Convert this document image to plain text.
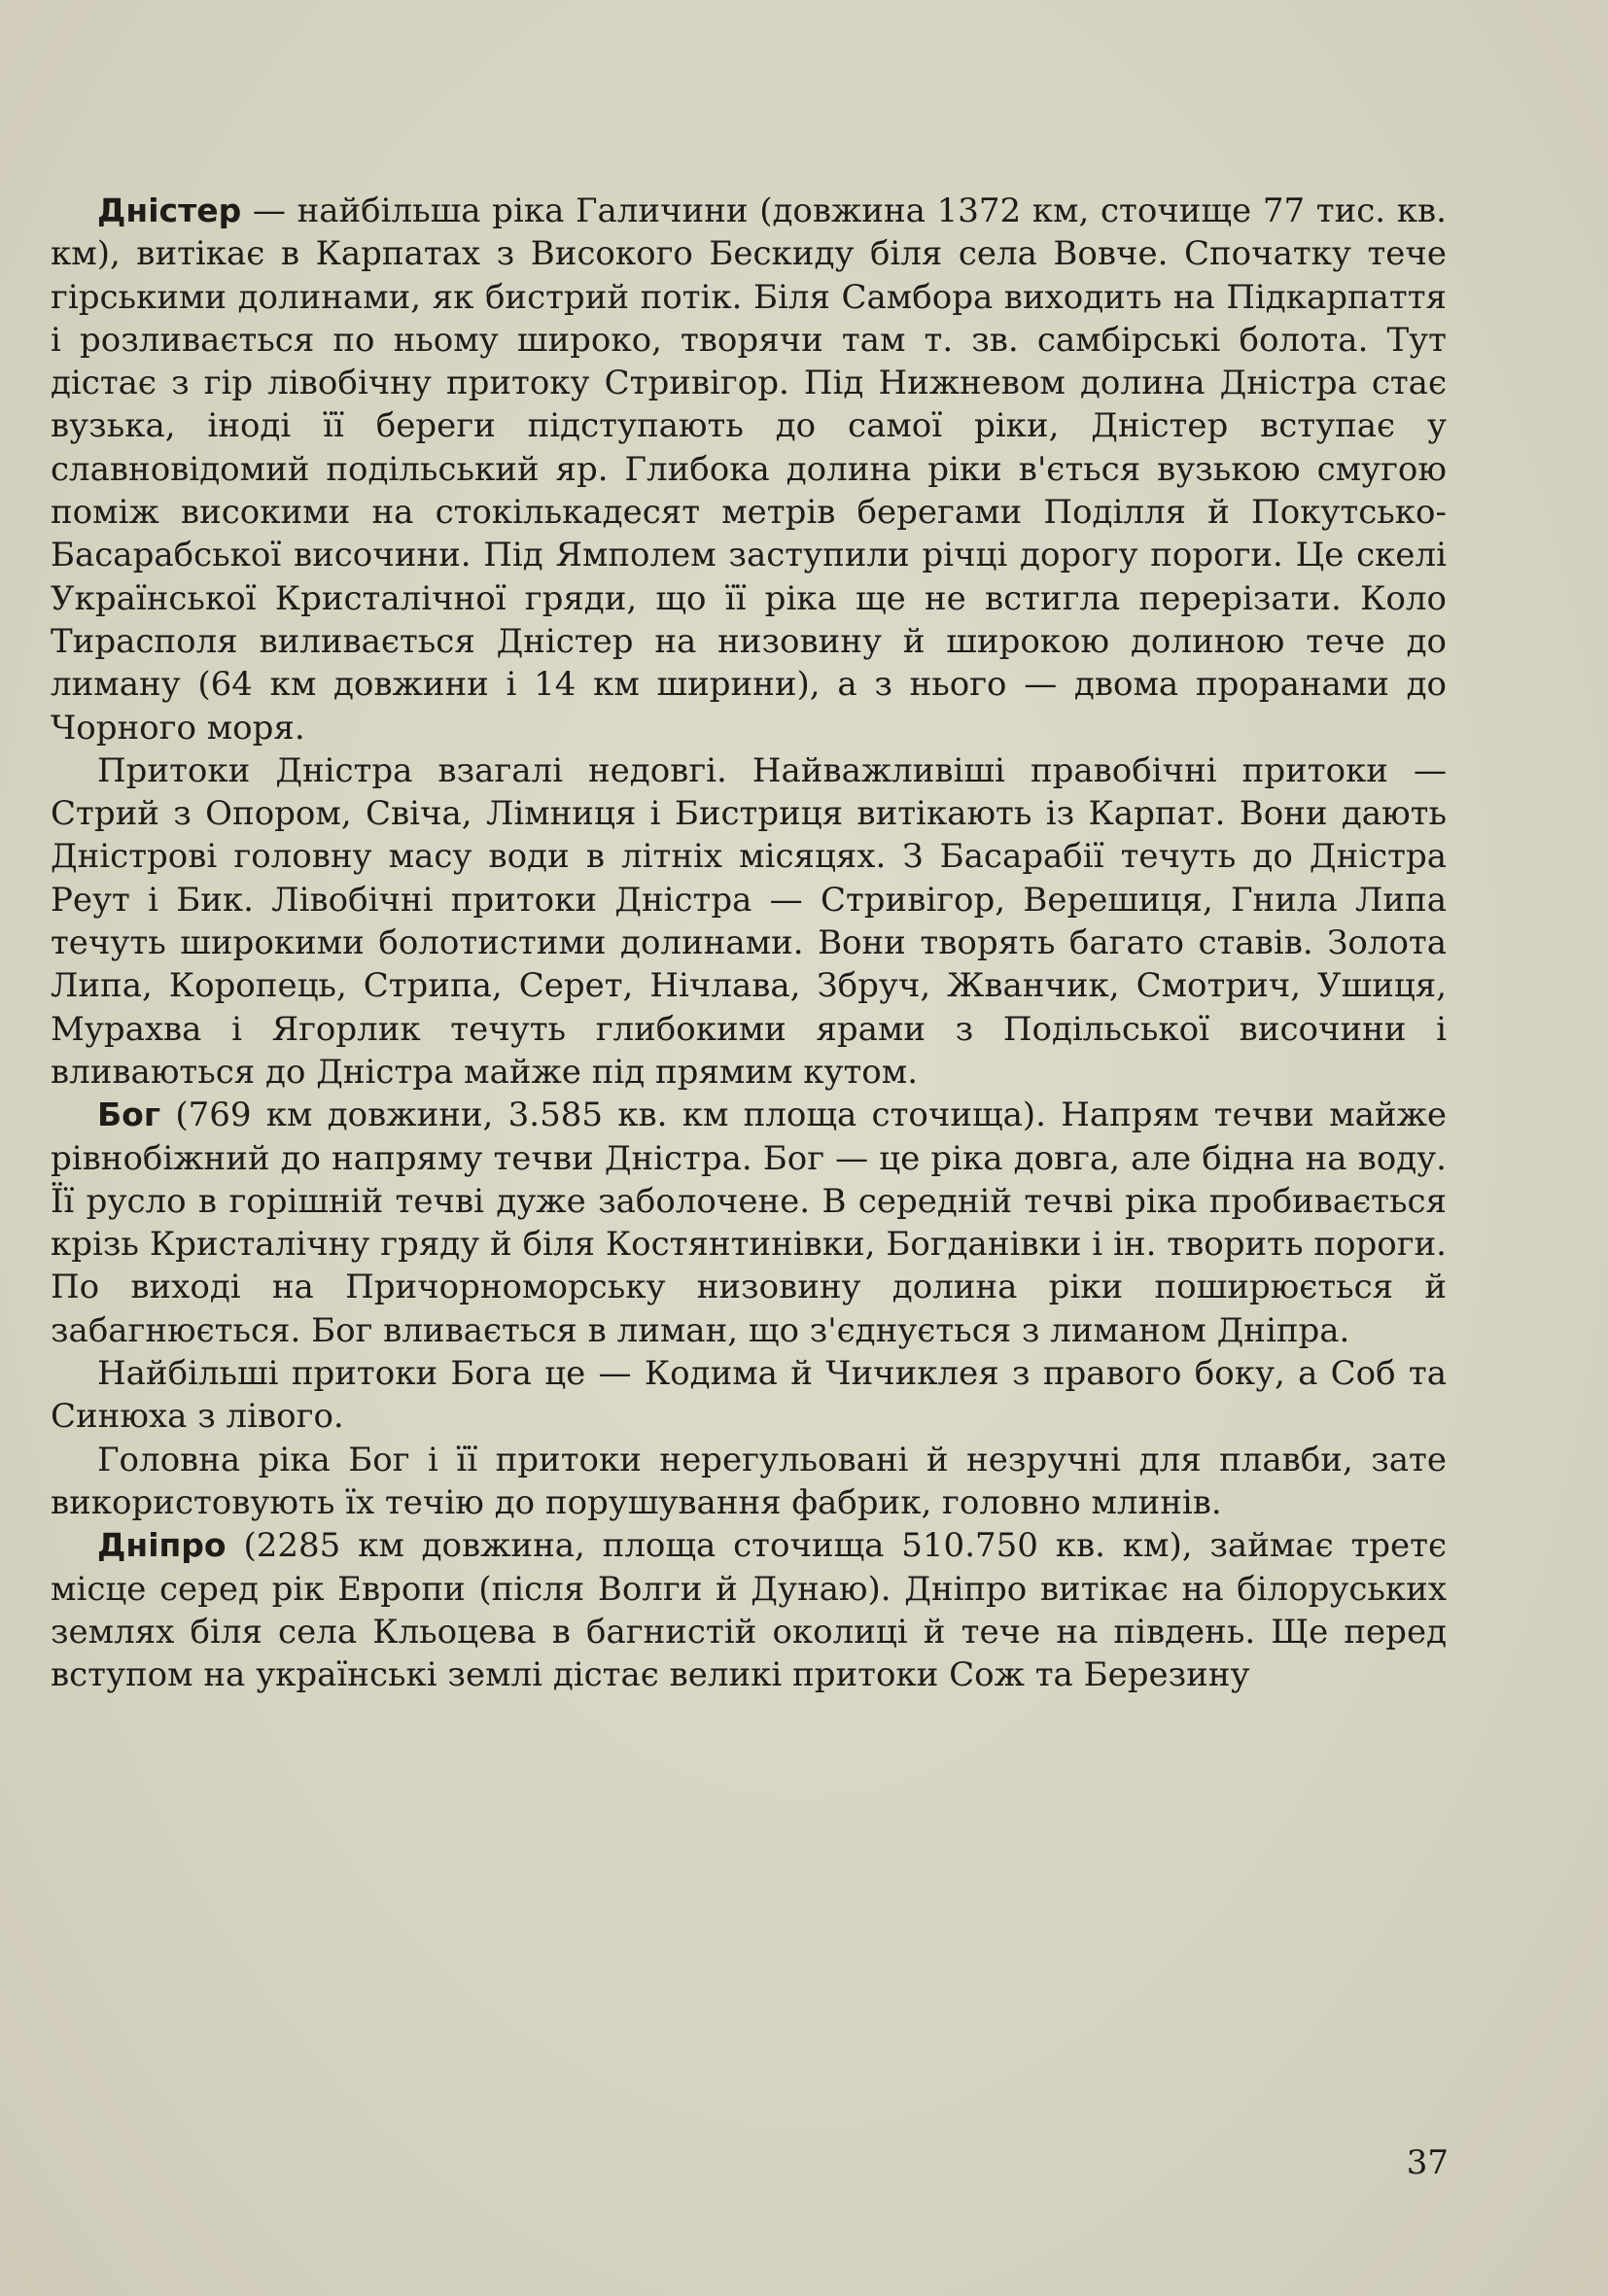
Дністер — найбільша ріка Галичини (довжина 1372 км, сточище 77 тис. кв. км), витікає в Карпатах з Високого Бескиду біля села Вовче. Спочатку тече гірськими долинами, як бистрий потік. Біля Самбора виходить на Підкарпаття і розливається по ньому широко, творячи там т. зв. самбірські болота. Тут дістає з гір лівобічну притоку Стривігор. Під Нижневом долина Дністра стає вузька, іноді її береги підступають до самої ріки, Дністер вступає у славновідомий подільський яр. Глибока долина ріки в'ється вузькою смугою поміж високими на стокількадесят метрів берегами Поділля й Покутсько-Басарабської височини. Під Ямполем заступили річці дорогу пороги. Це скелі Української Кристалічної гряди, що її ріка ще не встигла перерізати. Коло Тирасполя виливається Дністер на низовину й широкою долиною тече до лиману (64 км довжини і 14 км ширини), а з нього — двома проранами до Чорного моря.

Притоки Дністра взагалі недовгі. Найважливіші правобічні притоки — Стрий з Опором, Свіча, Лімниця і Бистриця витікають із Карпат. Вони дають Дністрові головну масу води в літніх місяцях. З Басарабії течуть до Дністра Реут і Бик. Лівобічні притоки Дністра — Стривігор, Верешиця, Гнила Липа течуть широкими болотистими долинами. Вони творять багато ставів. Золота Липа, Коропець, Стрипа, Серет, Нічлава, Збруч, Жванчик, Смотрич, Ушиця, Мурахва і Ягорлик течуть глибокими ярами з Подільської височини і вливаються до Дністра майже під прямим кутом.

Бог (769 км довжини, 3.585 кв. км площа сточища). Напрям течви майже рівнобіжний до напряму течви Дністра. Бог — це ріка довга, але бідна на воду. Її русло в горішній течві дуже заболочене. В середній течві ріка пробивається крізь Кристалічну гряду й біля Костянтинівки, Богданівки і ін. творить пороги. По виході на Причорноморську низовину долина ріки поширюється й забагнюється. Бог вливається в лиман, що з'єднується з лиманом Дніпра.

Найбільші притоки Бога це — Кодима й Чичиклея з правого боку, а Соб та Синюха з лівого.

Головна ріка Бог і її притоки нерегульовані й незручні для плавби, зате використовують їх течію до порушування фабрик, головно млинів.

Дніпро (2285 км довжина, площа сточища 510.750 кв. км), займає третє місце серед рік Европи (після Волги й Дунаю). Дніпро витікає на білоруських землях біля села Кльоцева в багнистій околиці й тече на південь. Ще перед вступом на українські землі дістає великі притоки Сож та Березину

37
